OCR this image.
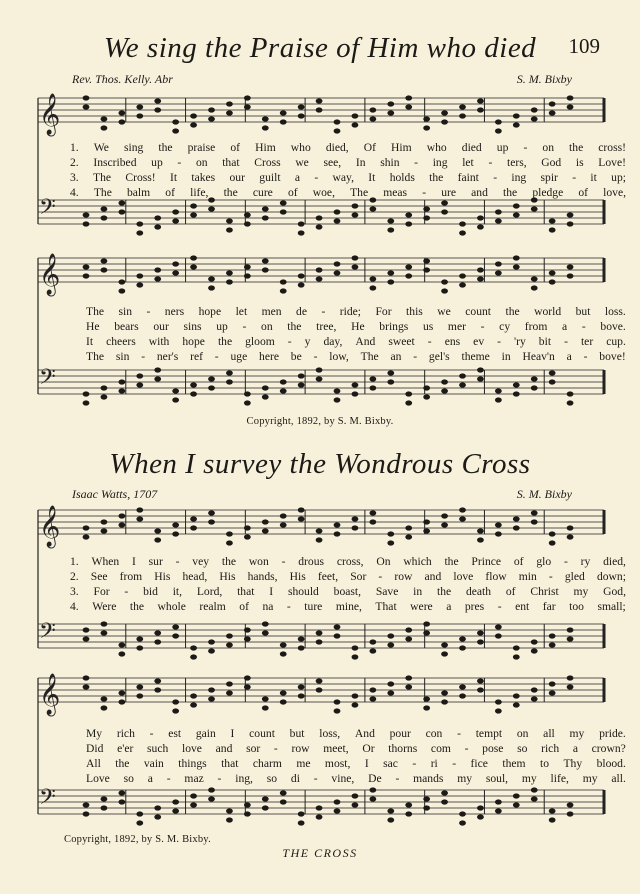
We sing the Praise of Him who died	109
Rev. Thos. Kelly. Abr	S. M. Bixby
𝄞
𝄢
1. We sing the praise of Him who died, Of Him who died up - on the cross!
2. Inscribed up - on that Cross we see, In shin - ing let - ters, God is Love!
3. The Cross! It takes our guilt a - way, It holds the faint - ing spir - it up;
4. The balm of life, the cure of woe, The meas - ure and the pledge of love,
𝄞
𝄢
The sin - ners hope let men de - ride; For this we count the world but loss.
He bears our sins up - on the tree, He brings us mer - cy from a - bove.
It cheers with hope the gloom - y day, And sweet - ens ev - 'ry bit - ter cup.
The sin - ner's ref - uge here be - low, The an - gel's theme in Heav'n a - bove!
Copyright, 1892, by S. M. Bixby.
When I survey the Wondrous Cross
Isaac Watts, 1707	S. M. Bixby
𝄞
𝄢
1. When I sur - vey the won - drous cross, On which the Prince of glo - ry died,
2. See from His head, His hands, His feet, Sor - row and love flow min - gled down;
3. For - bid it, Lord, that I should boast, Save in the death of Christ my God,
4. Were the whole realm of na - ture mine, That were a pres - ent far too small;
𝄞
𝄢
My rich - est gain I count but loss, And pour con - tempt on all my pride.
Did e'er such love and sor - row meet, Or thorns com - pose so rich a crown?
All the vain things that charm me most, I sac - ri - fice them to Thy blood.
Love so a - maz - ing, so di - vine, De - mands my soul, my life, my all.
Copyright, 1892, by S. M. Bixby.
THE CROSS
